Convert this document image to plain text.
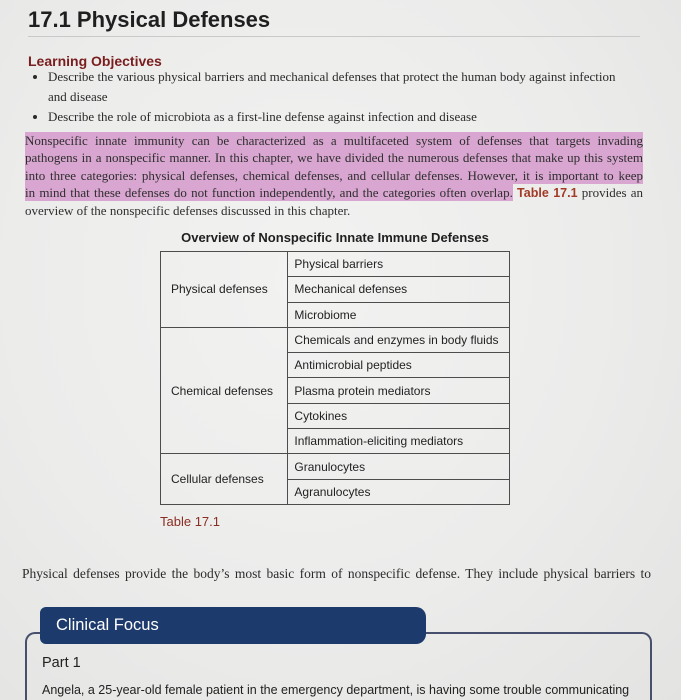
17.1 Physical Defenses
Learning Objectives
Describe the various physical barriers and mechanical defenses that protect the human body against infection
and disease
Describe the role of microbiota as a first-line defense against infection and disease
Nonspecific innate immunity can be characterized as a multifaceted system of defenses that targets invading
pathogens in a nonspecific manner. In this chapter, we have divided the numerous defenses that make up this system
into three categories: physical defenses, chemical defenses, and cellular defenses. However, it is important to keep
in mind that these defenses do not function independently, and the categories often overlap. Table 17.1 provides an
overview of the nonspecific defenses discussed in this chapter.
Overview of Nonspecific Innate Immune Defenses
Physical defenses	Physical barriers
	Mechanical defenses
	Microbiome
Chemical defenses	Chemicals and enzymes in body fluids
	Antimicrobial peptides
	Plasma protein mediators
	Cytokines
	Inflammation-eliciting mediators
Cellular defenses	Granulocytes
	Agranulocytes

Table 17.1

Physical defenses provide the body’s most basic form of nonspecific defense. They include physical barriers to

Clinical Focus

Part 1

Angela, a 25-year-old female patient in the emergency department, is having some trouble communicating
